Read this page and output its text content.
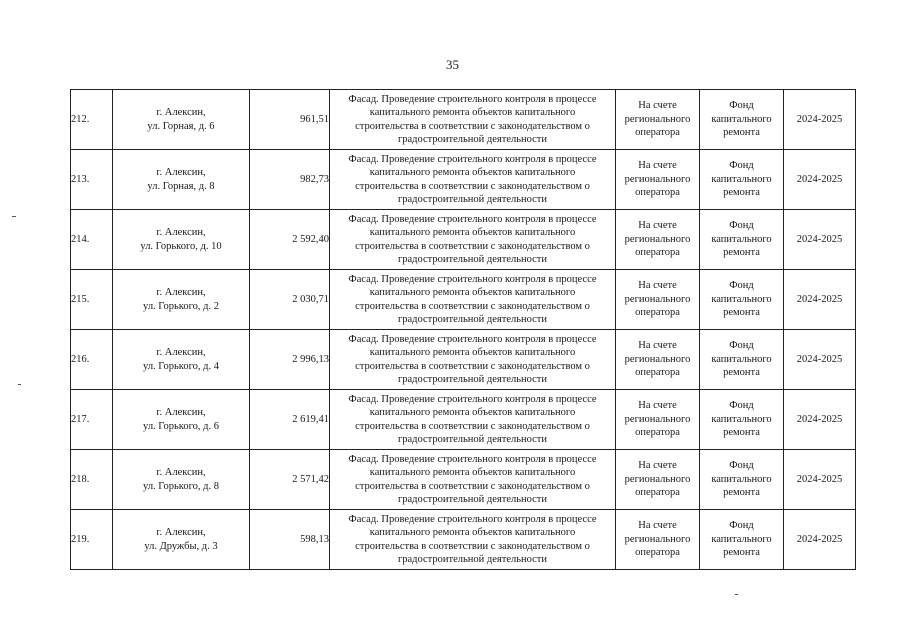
35
212.	г. Алексин,
ул. Горная, д. 6	961,51	Фасад. Проведение строительного контроля в процессе
капитального ремонта объектов капитального
строительства в соответствии с законодательством о
градостроительной деятельности	На счете
регионального
оператора	Фонд
капитального
ремонта	2024-2025
213.	г. Алексин,
ул. Горная, д. 8	982,73	Фасад. Проведение строительного контроля в процессе
капитального ремонта объектов капитального
строительства в соответствии с законодательством о
градостроительной деятельности	На счете
регионального
оператора	Фонд
капитального
ремонта	2024-2025
214.	г. Алексин,
ул. Горького, д. 10	2 592,40	Фасад. Проведение строительного контроля в процессе
капитального ремонта объектов капитального
строительства в соответствии с законодательством о
градостроительной деятельности	На счете
регионального
оператора	Фонд
капитального
ремонта	2024-2025
215.	г. Алексин,
ул. Горького, д. 2	2 030,71	Фасад. Проведение строительного контроля в процессе
капитального ремонта объектов капитального
строительства в соответствии с законодательством о
градостроительной деятельности	На счете
регионального
оператора	Фонд
капитального
ремонта	2024-2025
216.	г. Алексин,
ул. Горького, д. 4	2 996,13	Фасад. Проведение строительного контроля в процессе
капитального ремонта объектов капитального
строительства в соответствии с законодательством о
градостроительной деятельности	На счете
регионального
оператора	Фонд
капитального
ремонта	2024-2025
217.	г. Алексин,
ул. Горького, д. 6	2 619,41	Фасад. Проведение строительного контроля в процессе
капитального ремонта объектов капитального
строительства в соответствии с законодательством о
градостроительной деятельности	На счете
регионального
оператора	Фонд
капитального
ремонта	2024-2025
218.	г. Алексин,
ул. Горького, д. 8	2 571,42	Фасад. Проведение строительного контроля в процессе
капитального ремонта объектов капитального
строительства в соответствии с законодательством о
градостроительной деятельности	На счете
регионального
оператора	Фонд
капитального
ремонта	2024-2025
219.	г. Алексин,
ул. Дружбы, д. 3	598,13	Фасад. Проведение строительного контроля в процессе
капитального ремонта объектов капитального
строительства в соответствии с законодательством о
градостроительной деятельности	На счете
регионального
оператора	Фонд
капитального
ремонта	2024-2025
